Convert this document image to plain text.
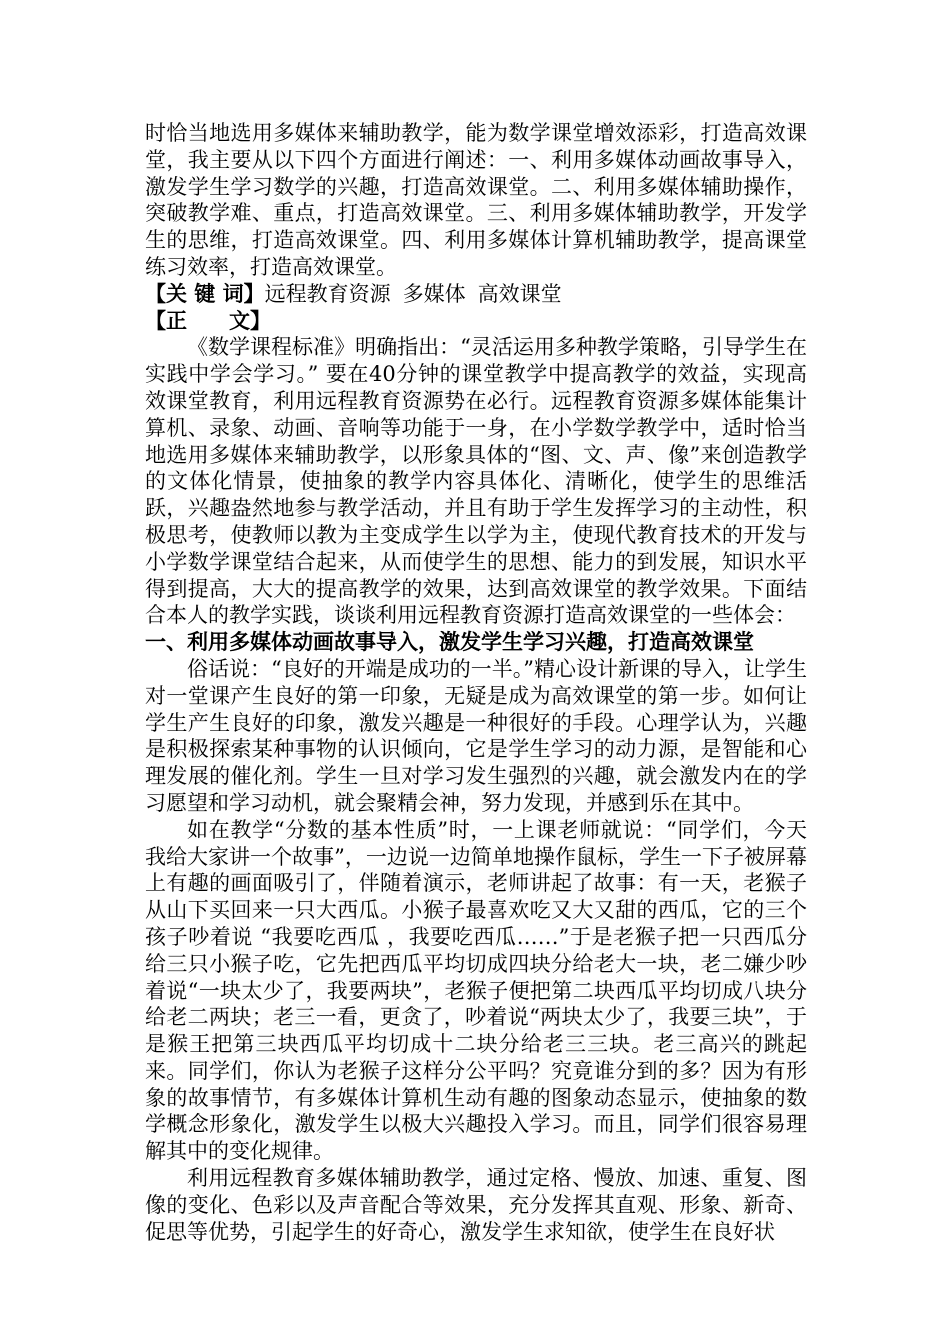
时恰当地选用多媒体来辅助教学，能为数学课堂增效添彩，打造高效课堂，我主要从以下四个方面进行阐述：一、利用多媒体动画故事导入，激发学生学习数学的兴趣，打造高效课堂。二、利用多媒体辅助操作，突破教学难、重点，打造高效课堂。三、利用多媒体辅助教学，开发学生的思维，打造高效课堂。四、利用多媒体计算机辅助教学，提高课堂练习效率，打造高效课堂。

【关 键 词】远程教育资源 多媒体 高效课堂

【正　　文】

《数学课程标准》明确指出：“灵活运用多种教学策略，引导学生在实践中学会学习。” 要在40分钟的课堂教学中提高教学的效益，实现高效课堂教育，利用远程教育资源势在必行。远程教育资源多媒体能集计算机、录象、动画、音响等功能于一身，在小学数学教学中，适时恰当地选用多媒体来辅助教学，以形象具体的“图、文、声、像”来创造教学的文体化情景，使抽象的教学内容具体化、清晰化，使学生的思维活跃，兴趣盎然地参与教学活动，并且有助于学生发挥学习的主动性，积极思考，使教师以教为主变成学生以学为主，使现代教育技术的开发与小学数学课堂结合起来，从而使学生的思想、能力的到发展，知识水平得到提高，大大的提高教学的效果，达到高效课堂的教学效果。下面结合本人的教学实践，谈谈利用远程教育资源打造高效课堂的一些体会：

一、利用多媒体动画故事导入，激发学生学习兴趣，打造高效课堂

俗话说：“良好的开端是成功的一半。”精心设计新课的导入，让学生对一堂课产生良好的第一印象，无疑是成为高效课堂的第一步。如何让学生产生良好的印象，激发兴趣是一种很好的手段。心理学认为，兴趣是积极探索某种事物的认识倾向，它是学生学习的动力源，是智能和心理发展的催化剂。学生一旦对学习发生强烈的兴趣，就会激发内在的学习愿望和学习动机，就会聚精会神，努力发现，并感到乐在其中。

如在教学“分数的基本性质”时，一上课老师就说：“同学们，今天我给大家讲一个故事”，一边说一边简单地操作鼠标，学生一下子被屏幕上有趣的画面吸引了，伴随着演示，老师讲起了故事：有一天，老猴子从山下买回来一只大西瓜。小猴子最喜欢吃又大又甜的西瓜，它的三个孩子吵着说 “我要吃西瓜 ，我要吃西瓜……”于是老猴子把一只西瓜分给三只小猴子吃，它先把西瓜平均切成四块分给老大一块，老二嫌少吵着说“一块太少了，我要两块”，老猴子便把第二块西瓜平均切成八块分给老二两块；老三一看，更贪了，吵着说“两块太少了，我要三块”，于是猴王把第三块西瓜平均切成十二块分给老三三块。老三高兴的跳起来。同学们，你认为老猴子这样分公平吗？究竟谁分到的多？因为有形象的故事情节，有多媒体计算机生动有趣的图象动态显示，使抽象的数学概念形象化，激发学生以极大兴趣投入学习。而且，同学们很容易理解其中的变化规律。

利用远程教育多媒体辅助教学，通过定格、慢放、加速、重复、图像的变化、色彩以及声音配合等效果，充分发挥其直观、形象、新奇、促思等优势，引起学生的好奇心，激发学生求知欲，使学生在良好状
